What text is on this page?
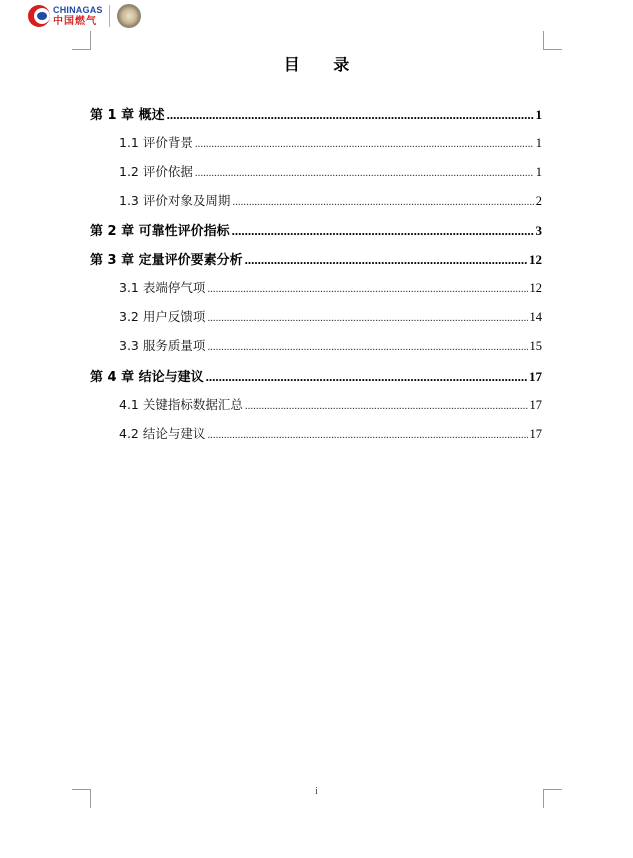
CHINAGAS
中国燃气
目 录
第 1 章 概述 .....	1
1.1 评价背景 .....	1
1.2 评价依据 .....	1
1.3 评价对象及周期 .....	2
第 2 章 可靠性评价指标 .....	3
第 3 章 定量评价要素分析 .....	12
3.1 表端停气项 .....	12
3.2 用户反馈项 .....	14
3.3 服务质量项 .....	15
第 4 章 结论与建议 .....	17
4.1 关键指标数据汇总 .....	17
4.2 结论与建议 .....	17
i
